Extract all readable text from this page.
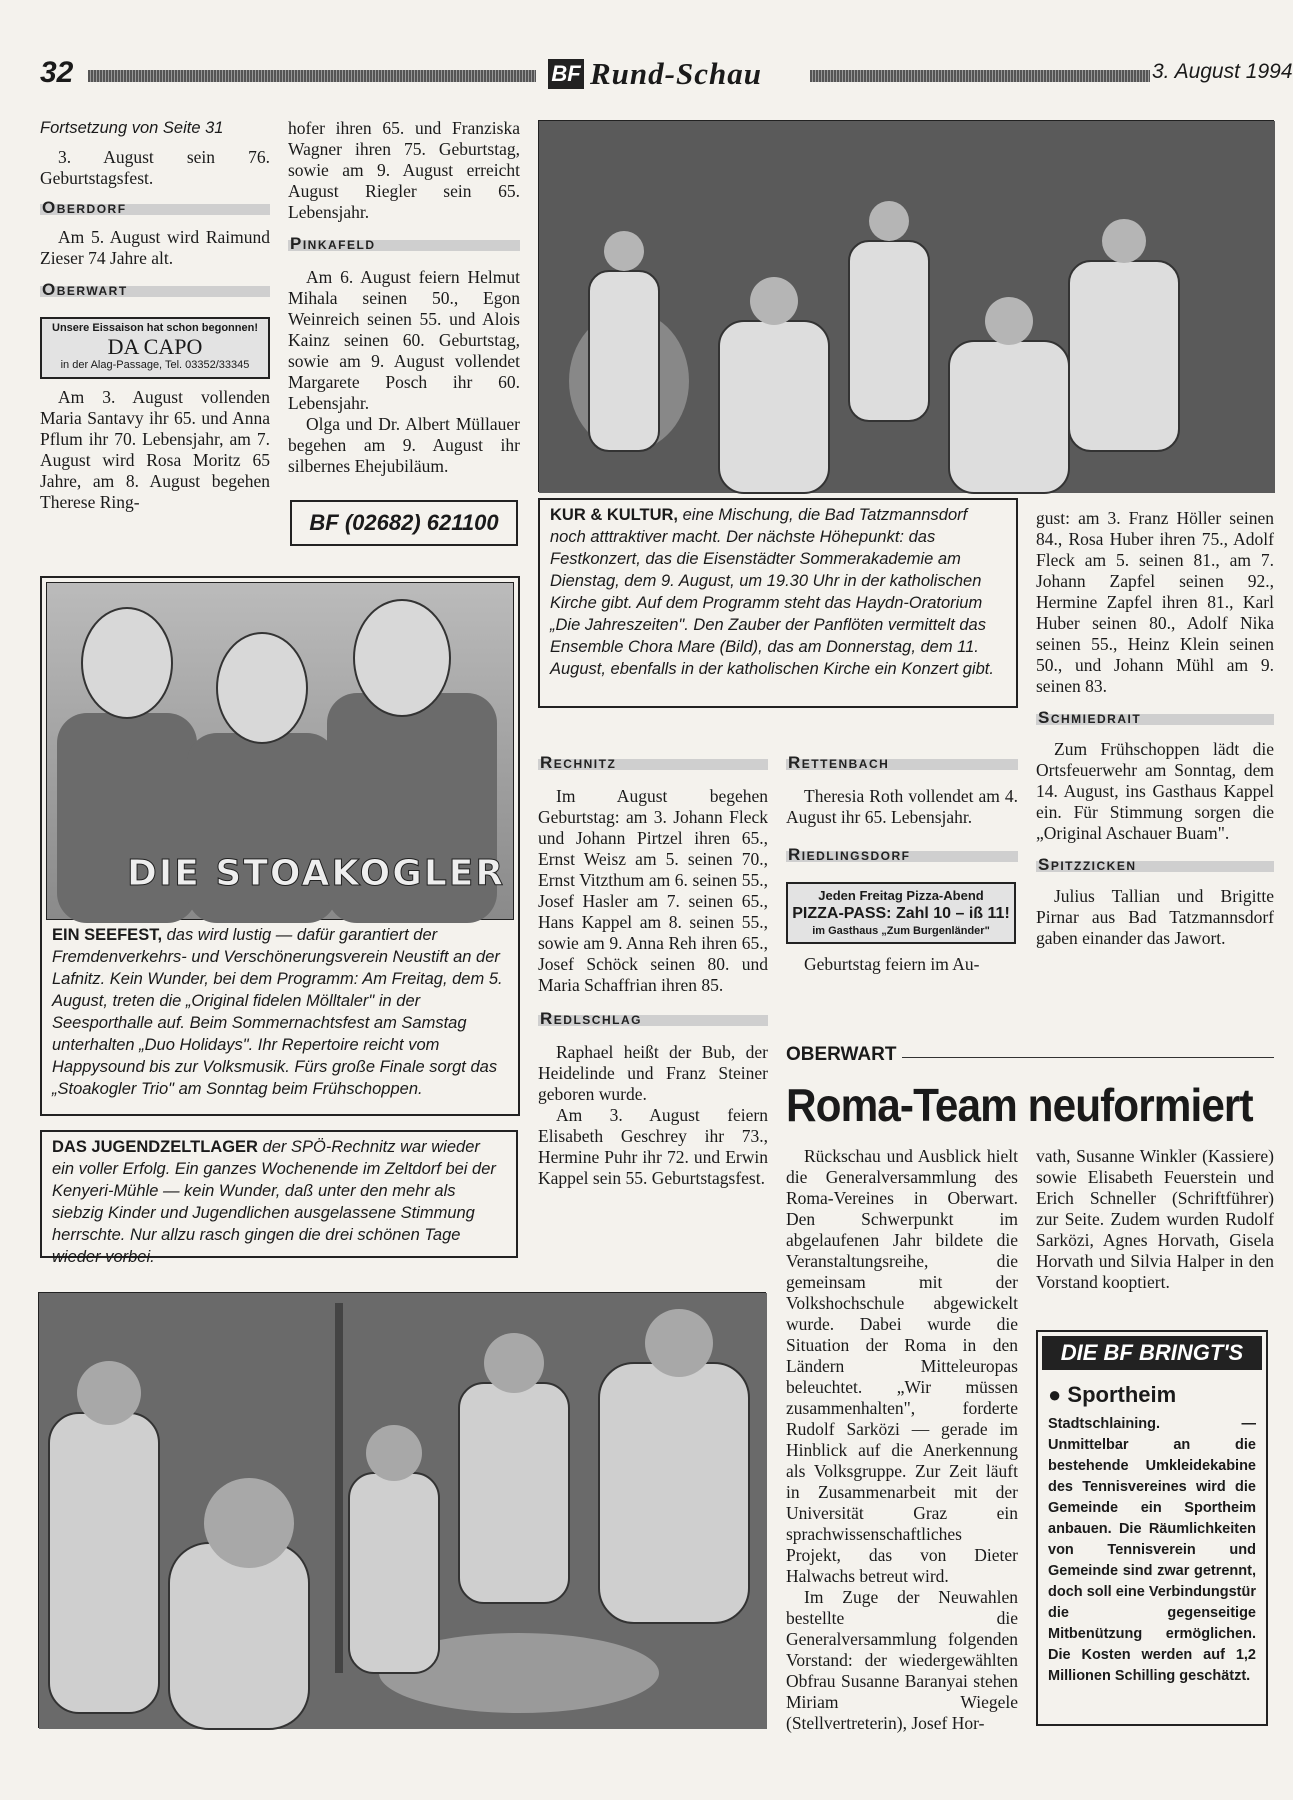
32	BF Rund-Schau	3. August 1994
Fortsetzung von Seite 31

3. August sein 76. Geburtstagsfest.

Oberdorf

Am 5. August wird Raimund Zieser 74 Jahre alt.

Oberwart
Unsere Eissaison hat schon begonnen!
DA CAPO
in der Alag-Passage, Tel. 03352/33345

Am 3. August vollenden Maria Santavy ihr 65. und Anna Pflum ihr 70. Lebensjahr, am 7. August wird Rosa Moritz 65 Jahre, am 8. August begehen Therese Ring-

hofer ihren 65. und Franziska Wagner ihren 75. Geburtstag, sowie am 9. August erreicht August Riegler sein 65. Lebensjahr.

Pinkafeld

Am 6. August feiern Helmut Mihala seinen 50., Egon Weinreich seinen 55. und Alois Kainz seinen 60. Geburtstag, sowie am 9. August vollendet Margarete Posch ihr 60. Lebensjahr.

Olga und Dr. Albert Müllauer begehen am 9. August ihr silbernes Ehejubiläum.

BF (02682) 621100	KUR & KULTUR, eine Mischung, die Bad Tatzmannsdorf noch atttraktiver macht. Der nächste Höhepunkt: das Festkonzert, das die Eisenstädter Sommerakademie am Dienstag, dem 9. August, um 19.30 Uhr in der katholischen Kirche gibt. Auf dem Programm steht das Haydn-Oratorium „Die Jahreszeiten". Den Zauber der Panflöten vermittelt das Ensemble Chora Mare (Bild), das am Donnerstag, dem 11. August, ebenfalls in der katholischen Kirche ein Konzert gibt.

gust: am 3. Franz Höller seinen 84., Rosa Huber ihren 75., Adolf Fleck am 5. seinen 81., am 7. Johann Zapfel seinen 92., Hermine Zapfel ihren 81., Karl Huber seinen 80., Adolf Nika seinen 55., Heinz Klein seinen 50., und Johann Mühl am 9. seinen 83.

Schmiedrait

Zum Frühschoppen lädt die Ortsfeuerwehr am Sonntag, dem 14. August, ins Gasthaus Kappel ein. Für Stimmung sorgen die „Original Aschauer Buam".

Spitzzicken

Julius Tallian und Brigitte Pirnar aus Bad Tatzmannsdorf gaben einander das Jawort.

DIE STOAKOGLER
EIN SEEFEST, das wird lustig — dafür garantiert der Fremdenverkehrs- und Verschönerungsverein Neustift an der Lafnitz. Kein Wunder, bei dem Programm: Am Freitag, dem 5. August, treten die „Original fidelen Mölltaler" in der Seesporthalle auf. Beim Sommernachtsfest am Samstag unterhalten „Duo Holidays". Ihr Repertoire reicht vom Happysound bis zur Volksmusik. Fürs große Finale sorgt das „Stoakogler Trio" am Sonntag beim Frühschoppen.
Rechnitz

Im August begehen Geburtstag: am 3. Johann Fleck und Johann Pirtzel ihren 65., Ernst Weisz am 5. seinen 70., Ernst Vitzthum am 6. seinen 55., Josef Hasler am 7. seinen 65., Hans Kappel am 8. seinen 55., sowie am 9. Anna Reh ihren 65., Josef Schöck seinen 80. und Maria Schaffrian ihren 85.

Redlschlag

Raphael heißt der Bub, der Heidelinde und Franz Steiner geboren wurde.

Am 3. August feiern Elisabeth Geschrey ihr 73., Hermine Puhr ihr 72. und Erwin Kappel sein 55. Geburtstagsfest.

Rettenbach

Theresia Roth vollendet am 4. August ihr 65. Lebensjahr.

Riedlingsdorf
Jeden Freitag Pizza-Abend
PIZZA-PASS: Zahl 10 – iß 11!
im Gasthaus „Zum Burgenländer"

Geburtstag feiern im Au-

DAS JUGENDZELTLAGER der SPÖ-Rechnitz war wieder ein voller Erfolg. Ein ganzes Wochenende im Zeltdorf bei der Kenyeri-Mühle — kein Wunder, daß unter den mehr als siebzig Kinder und Jugendlichen ausgelassene Stimmung herrschte. Nur allzu rasch gingen die drei schönen Tage wieder vorbei.
OBERWART
Roma-Team neuformiert

Rückschau und Ausblick hielt die Generalversammlung des Roma-Vereines in Oberwart. Den Schwerpunkt im abgelaufenen Jahr bildete die Veranstaltungsreihe, die gemeinsam mit der Volkshochschule abgewickelt wurde. Dabei wurde die Situation der Roma in den Ländern Mitteleuropas beleuchtet. „Wir müssen zusammenhalten", forderte Rudolf Sarközi — gerade im Hinblick auf die Anerkennung als Volksgruppe. Zur Zeit läuft in Zusammenarbeit mit der Universität Graz ein sprachwissenschaftliches Projekt, das von Dieter Halwachs betreut wird.

Im Zuge der Neuwahlen bestellte die Generalversammlung folgenden Vorstand: der wiedergewählten Obfrau Susanne Baranyai stehen Miriam Wiegele (Stellvertreterin), Josef Hor-

vath, Susanne Winkler (Kassiere) sowie Elisabeth Feuerstein und Erich Schneller (Schriftführer) zur Seite. Zudem wurden Rudolf Sarközi, Agnes Horvath, Gisela Horvath und Silvia Halper in den Vorstand kooptiert.

DIE BF BRINGT'S
● Sportheim
Stadtschlaining. — Unmittelbar an die bestehende Umkleidekabine des Tennisvereines wird die Gemeinde ein Sportheim anbauen. Die Räumlichkeiten von Tennisverein und Gemeinde sind zwar getrennt, doch soll eine Verbindungstür die gegenseitige Mitbenützung ermöglichen. Die Kosten werden auf 1,2 Millionen Schilling geschätzt.
